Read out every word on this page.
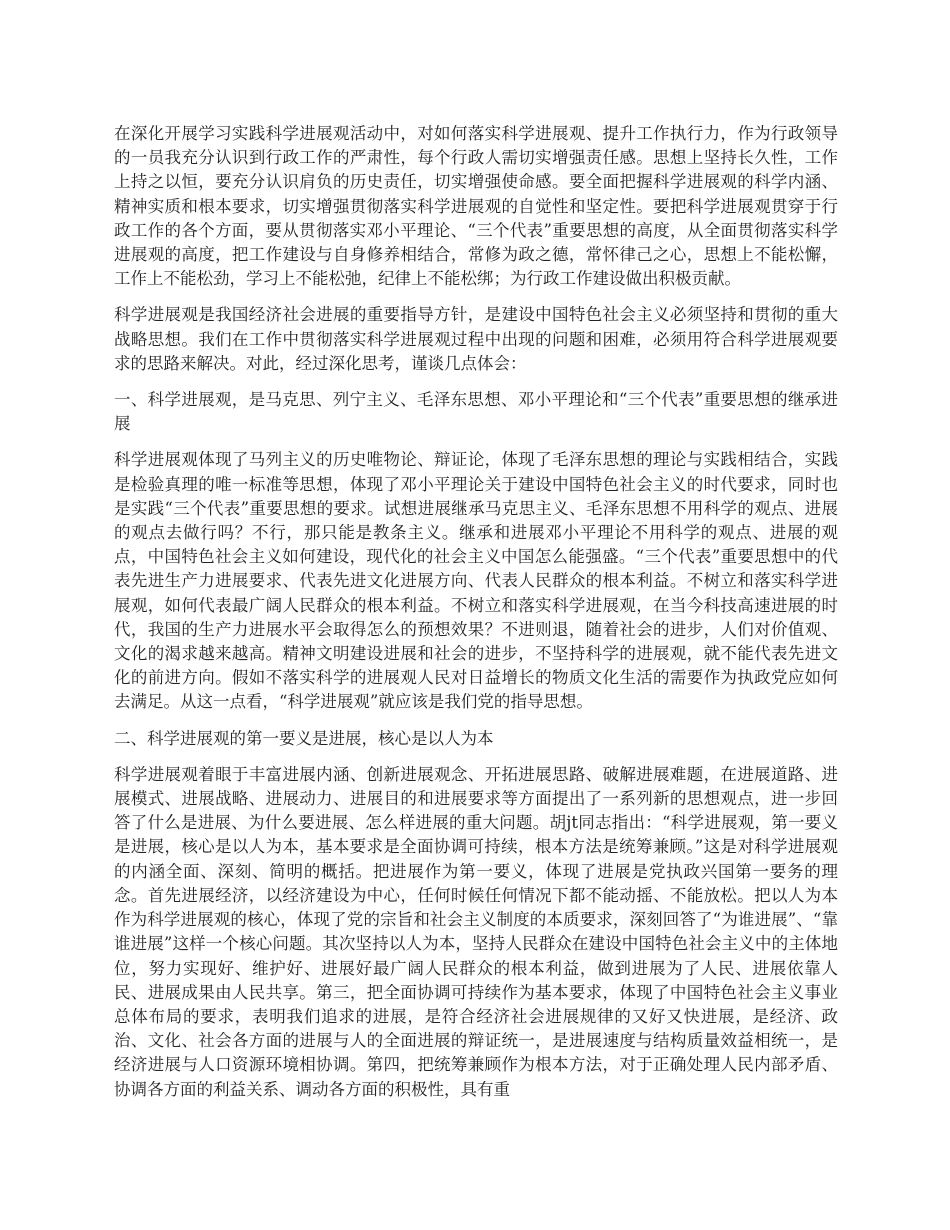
在深化开展学习实践科学进展观活动中，对如何落实科学进展观、提升工作执行力，作为行政领导的一员我充分认识到行政工作的严肃性，每个行政人需切实增强责任感。思想上坚持长久性，工作上持之以恒，要充分认识肩负的历史责任，切实增强使命感。要全面把握科学进展观的科学内涵、精神实质和根本要求，切实增强贯彻落实科学进展观的自觉性和坚定性。要把科学进展观贯穿于行政工作的各个方面，要从贯彻落实邓小平理论、“三个代表”重要思想的高度，从全面贯彻落实科学进展观的高度，把工作建设与自身修养相结合，常修为政之德，常怀律己之心，思想上不能松懈，工作上不能松劲，学习上不能松弛，纪律上不能松绑；为行政工作建设做出积极贡献。

科学进展观是我国经济社会进展的重要指导方针，是建设中国特色社会主义必须坚持和贯彻的重大战略思想。我们在工作中贯彻落实科学进展观过程中出现的问题和困难，必须用符合科学进展观要求的思路来解决。对此，经过深化思考，谨谈几点体会：

一、科学进展观，是马克思、列宁主义、毛泽东思想、邓小平理论和“三个代表”重要思想的继承进展

科学进展观体现了马列主义的历史唯物论、辩证论，体现了毛泽东思想的理论与实践相结合，实践是检验真理的唯一标准等思想，体现了邓小平理论关于建设中国特色社会主义的时代要求，同时也是实践“三个代表”重要思想的要求。试想进展继承马克思主义、毛泽东思想不用科学的观点、进展的观点去做行吗？不行，那只能是教条主义。继承和进展邓小平理论不用科学的观点、进展的观点，中国特色社会主义如何建设，现代化的社会主义中国怎么能强盛。“三个代表”重要思想中的代表先进生产力进展要求、代表先进文化进展方向、代表人民群众的根本利益。不树立和落实科学进展观，如何代表最广阔人民群众的根本利益。不树立和落实科学进展观，在当今科技高速进展的时代，我国的生产力进展水平会取得怎么的预想效果？不进则退，随着社会的进步，人们对价值观、文化的渴求越来越高。精神文明建设进展和社会的进步，不坚持科学的进展观，就不能代表先进文化的前进方向。假如不落实科学的进展观人民对日益增长的物质文化生活的需要作为执政党应如何去满足。从这一点看，“科学进展观”就应该是我们党的指导思想。

二、科学进展观的第一要义是进展，核心是以人为本

科学进展观着眼于丰富进展内涵、创新进展观念、开拓进展思路、破解进展难题，在进展道路、进展模式、进展战略、进展动力、进展目的和进展要求等方面提出了一系列新的思想观点，进一步回答了什么是进展、为什么要进展、怎么样进展的重大问题。胡jt同志指出：“科学进展观，第一要义是进展，核心是以人为本，基本要求是全面协调可持续，根本方法是统筹兼顾。”这是对科学进展观的内涵全面、深刻、简明的概括。把进展作为第一要义，体现了进展是党执政兴国第一要务的理念。首先进展经济，以经济建设为中心，任何时候任何情况下都不能动摇、不能放松。把以人为本作为科学进展观的核心，体现了党的宗旨和社会主义制度的本质要求，深刻回答了“为谁进展”、“靠谁进展”这样一个核心问题。其次坚持以人为本，坚持人民群众在建设中国特色社会主义中的主体地位，努力实现好、维护好、进展好最广阔人民群众的根本利益，做到进展为了人民、进展依靠人民、进展成果由人民共享。第三，把全面协调可持续作为基本要求，体现了中国特色社会主义事业总体布局的要求，表明我们追求的进展，是符合经济社会进展规律的又好又快进展，是经济、政治、文化、社会各方面的进展与人的全面进展的辩证统一，是进展速度与结构质量效益相统一，是经济进展与人口资源环境相协调。第四，把统筹兼顾作为根本方法，对于正确处理人民内部矛盾、协调各方面的利益关系、调动各方面的积极性，具有重
